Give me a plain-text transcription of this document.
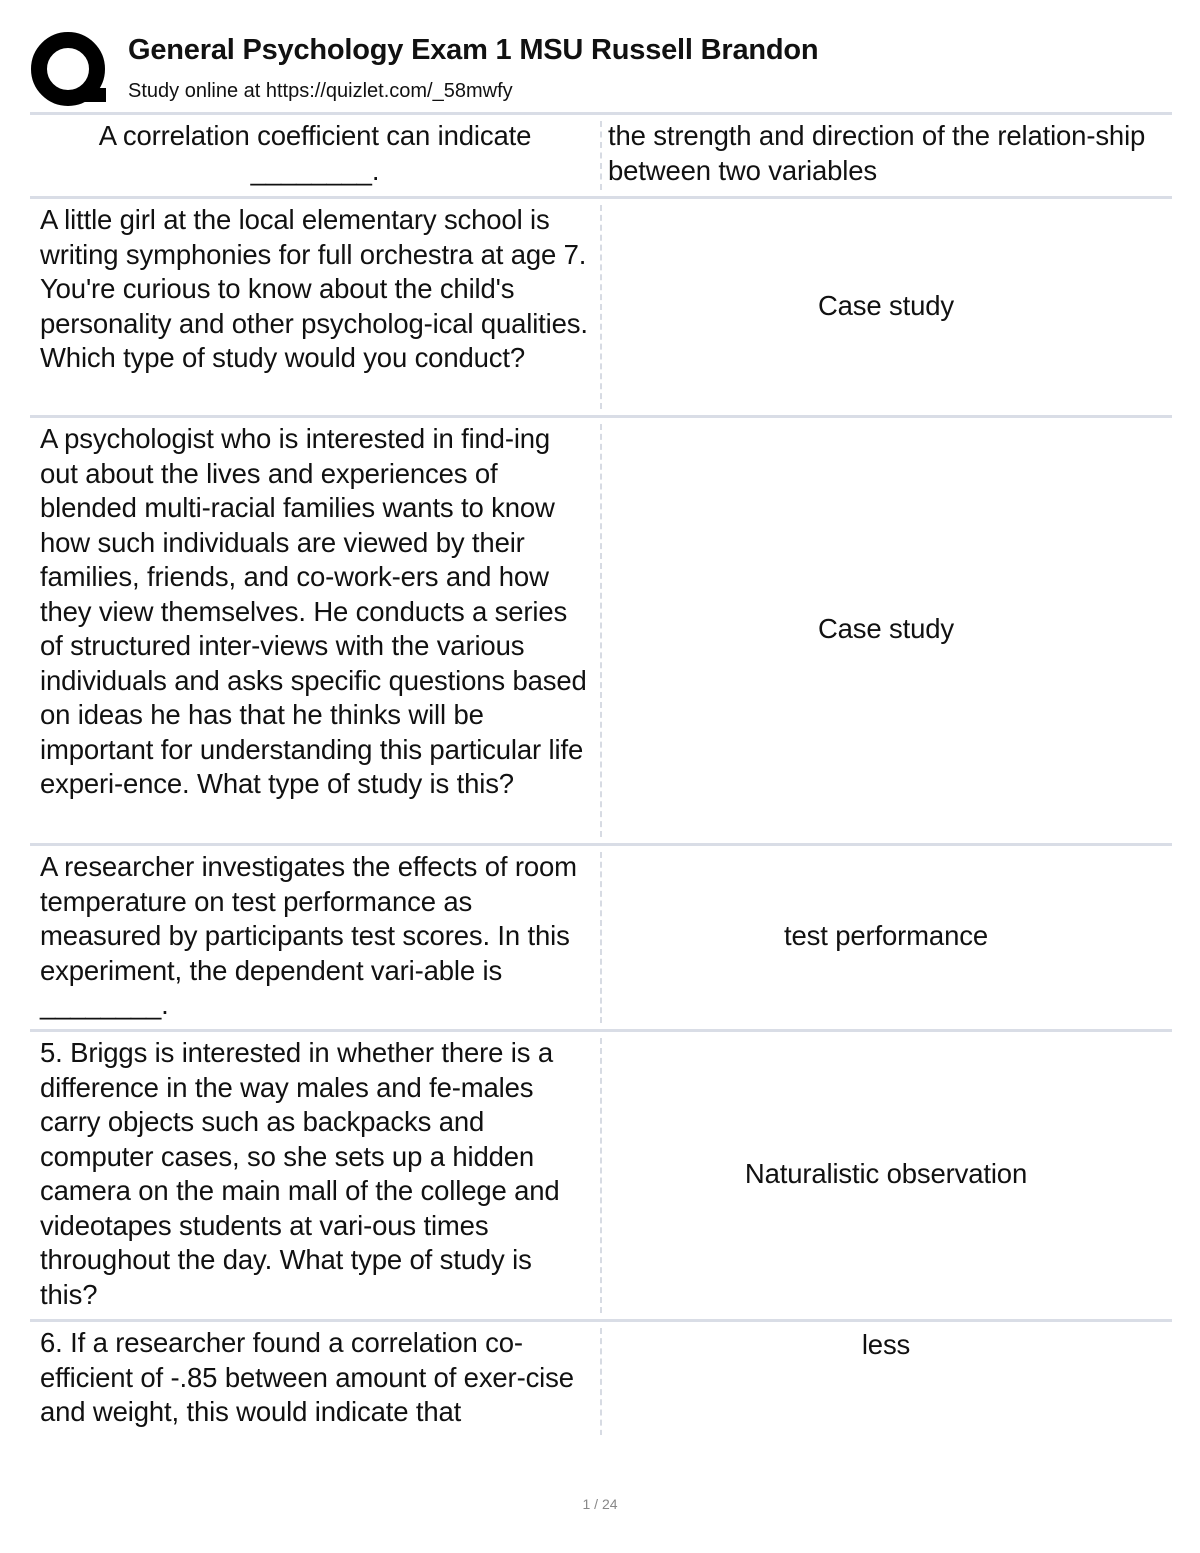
General Psychology Exam 1 MSU Russell Brandon
Study online at https://quizlet.com/_58mwfy
A correlation coefficient can indicate ________.
the strength and direction of the relation-ship between two variables
A little girl at the local elementary school is writing symphonies for full orchestra at age 7. You're curious to know about the child's personality and other psycholog-ical qualities. Which type of study would you conduct?
Case study
A psychologist who is interested in find-ing out about the lives and experiences of blended multi-racial families wants to know how such individuals are viewed by their families, friends, and co-work-ers and how they view themselves. He conducts a series of structured inter-views with the various individuals and asks specific questions based on ideas he has that he thinks will be important for understanding this particular life experi-ence. What type of study is this?
Case study
A researcher investigates the effects of room temperature on test performance as measured by participants test scores. In this experiment, the dependent vari-able is ________.
test performance
5. Briggs is interested in whether there is a difference in the way males and fe-males carry objects such as backpacks and computer cases, so she sets up a hidden camera on the main mall of the college and videotapes students at vari-ous times throughout the day. What type of study is this?
Naturalistic observation
6. If a researcher found a correlation co-efficient of -.85 between amount of exer-cise and weight, this would indicate that
less
1 / 24
